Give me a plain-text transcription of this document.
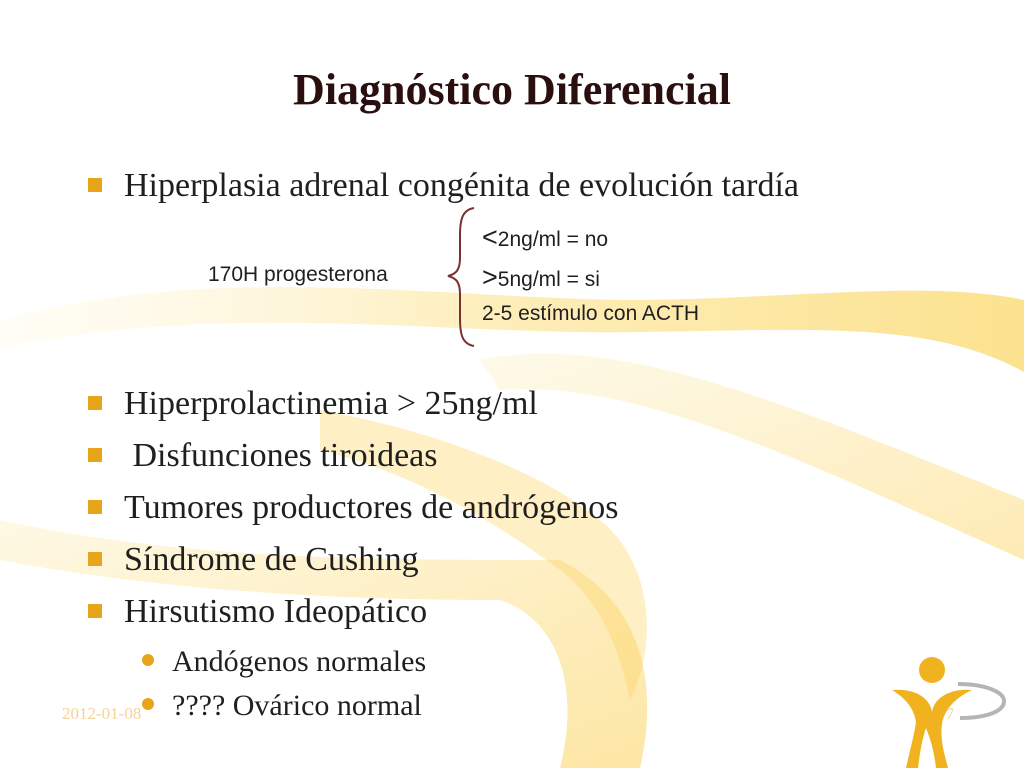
2012-01-08	7
Diagnóstico Diferencial
Hiperplasia adrenal congénita de evolución tardía
170H progesterona
<2ng/ml = no
>5ng/ml = si
2-5 estímulo con ACTH
Hiperprolactinemia > 25ng/ml
Disfunciones tiroideas
Tumores productores de andrógenos
Síndrome de Cushing
Hirsutismo Ideopático
Andógenos normales
???? Ovárico normal
